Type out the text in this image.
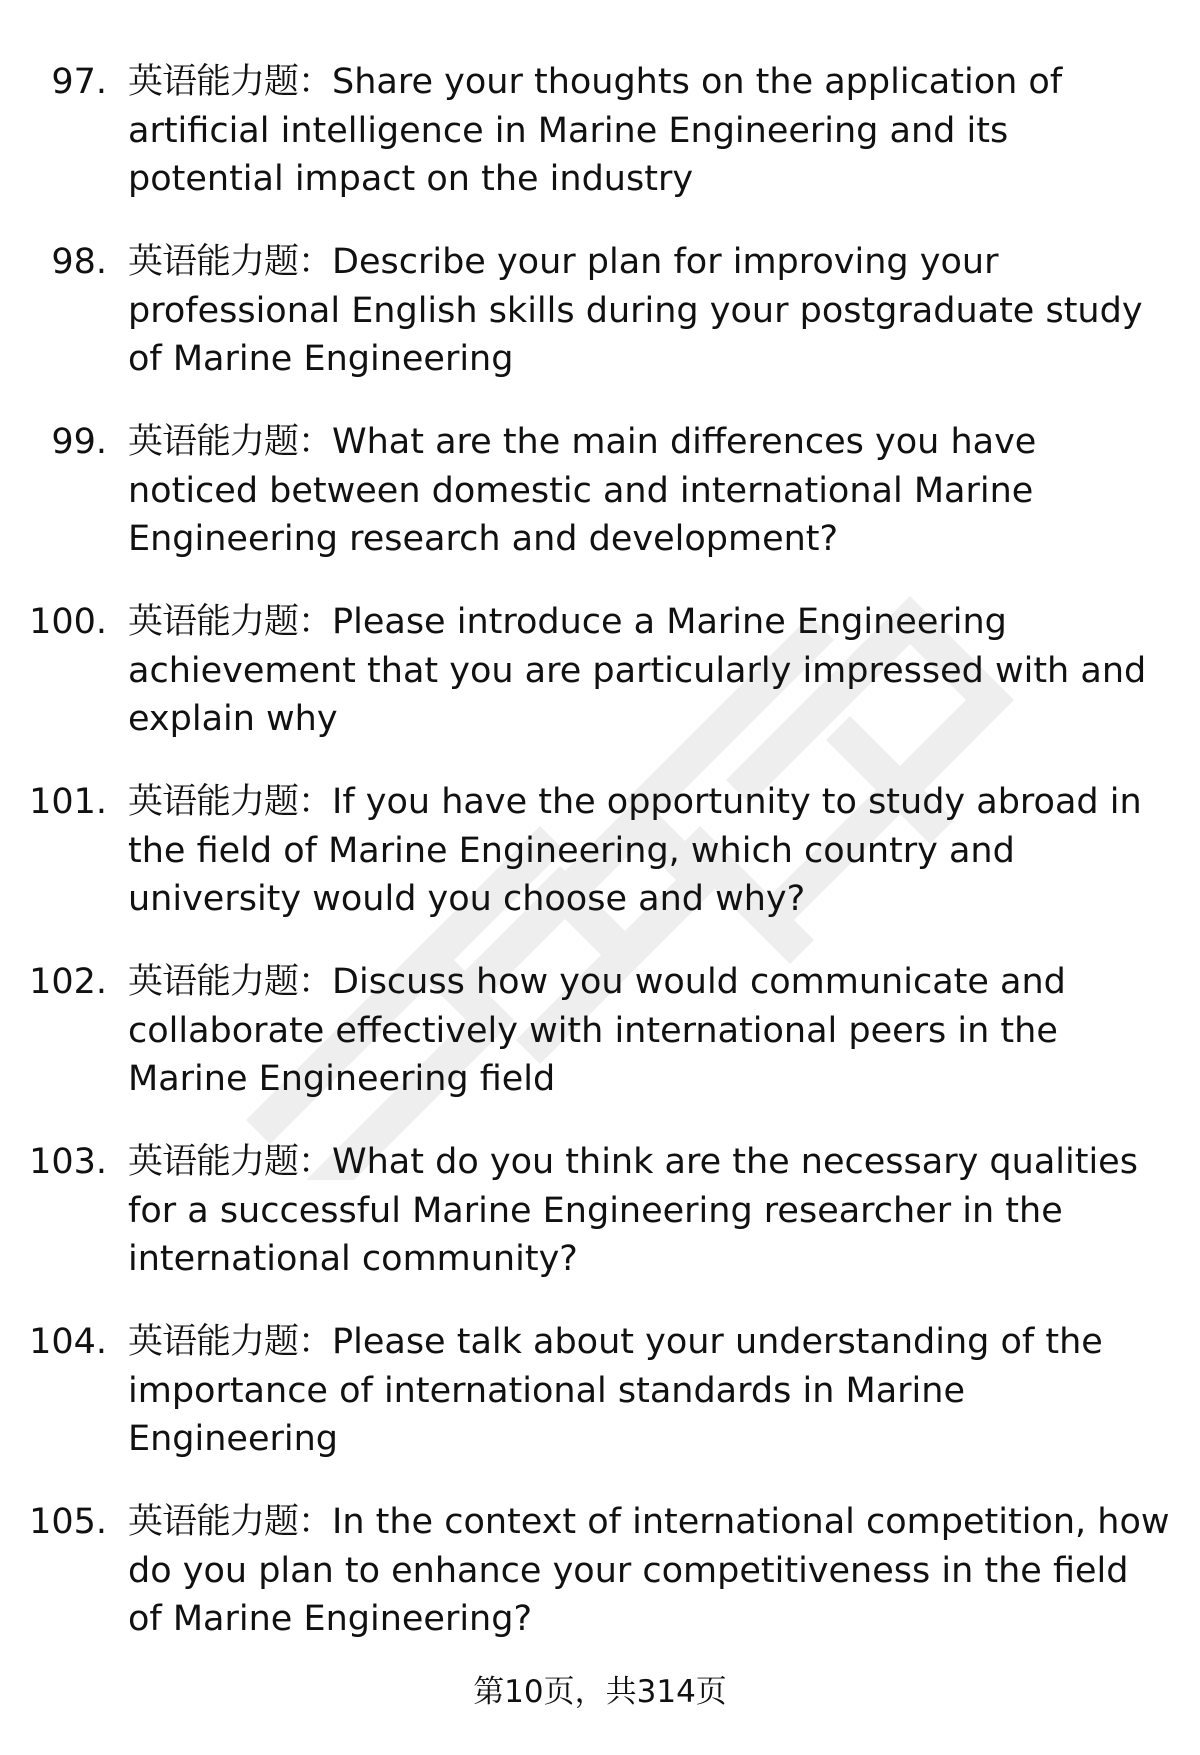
97. 英语能力题：Share your thoughts on the application of artificial intelligence in Marine Engineering and its potential impact on the industry
98. 英语能力题：Describe your plan for improving your professional English skills during your postgraduate study of Marine Engineering
99. 英语能力题：What are the main differences you have noticed between domestic and international Marine Engineering research and development?
100. 英语能力题：Please introduce a Marine Engineering achievement that you are particularly impressed with and explain why
101. 英语能力题：If you have the opportunity to study abroad in the field of Marine Engineering, which country and university would you choose and why?
102. 英语能力题：Discuss how you would communicate and collaborate effectively with international peers in the Marine Engineering field
103. 英语能力题：What do you think are the necessary qualities for a successful Marine Engineering researcher in the international community?
104. 英语能力题：Please talk about your understanding of the importance of international standards in Marine Engineering
105. 英语能力题：In the context of international competition, how do you plan to enhance your competitiveness in the field of Marine Engineering?
第10页，共314页
